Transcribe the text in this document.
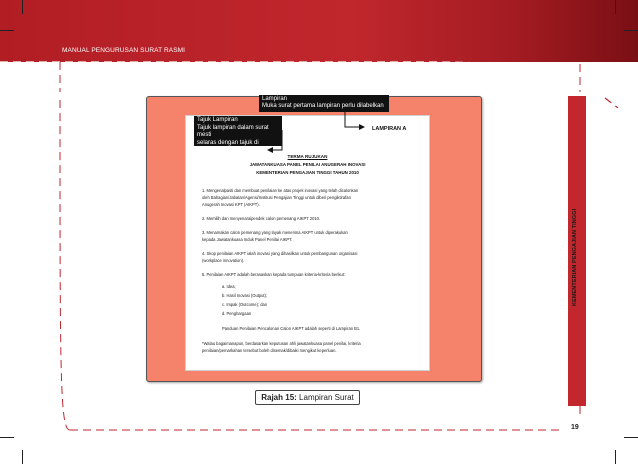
MANUAL PENGURUSAN SURAT RASMI
KEMENTERIAN PENGAJIAN TINGGI
19
LAMPIRAN A
TERMA RUJUKAN
JAWATANKUASA PANEL PENILAI ANUGERAH INOVASI
KEMENTERIAN PENGAJIAN TINGGI TAHUN 2010
1. Mengenalpasti dan membuat penilaian ke atas projek inovasi yang telah dicalonkan
oleh Bahagian/Jabatan/Agensi/Institusi Pengajian Tinggi untuk diberi pengiktirafan
Anugerah Inovasi KPT (AIKPT).
2. Memilih dan menyenaraipendek calon pemenang AIKPT 2010.
3. Menamakan calon pemenang yang layak menerima AIKPT untuk diperakukan
kepada Jawatankuasa Induk Panel Penilai AIKPT.
4. Skop penilaian AIKPT ialah inovasi yang dihasilkan untuk pembangunan organisasi
(workplace innovation).
5. Penilaian AIKPT adalah berasaskan kepada tumpuan kriteria-kriteria berikut:
a. Idea;
b. Hasil Inovasi (Output);
c. Impak (Outcome); dan
d. Penghargaan
Panduan Penilaian Pencalonan Calon AIKPT adalah seperti di Lampiran B1.
*Walau bagaimanapun, berdasarkan keputusan ahli jawatankuasa panel penilai, kriteria
penilaian/pemarkahan tersebut boleh disemak/dibaiki mengikut keperluan.
Lampiran
Muka surat pertama lampiran perlu dilabelkan
Tajuk Lampiran
Tajuk lampiran dalam surat mesti
selaras dengan tajuk di lampiran
Rajah 15: Lampiran Surat
